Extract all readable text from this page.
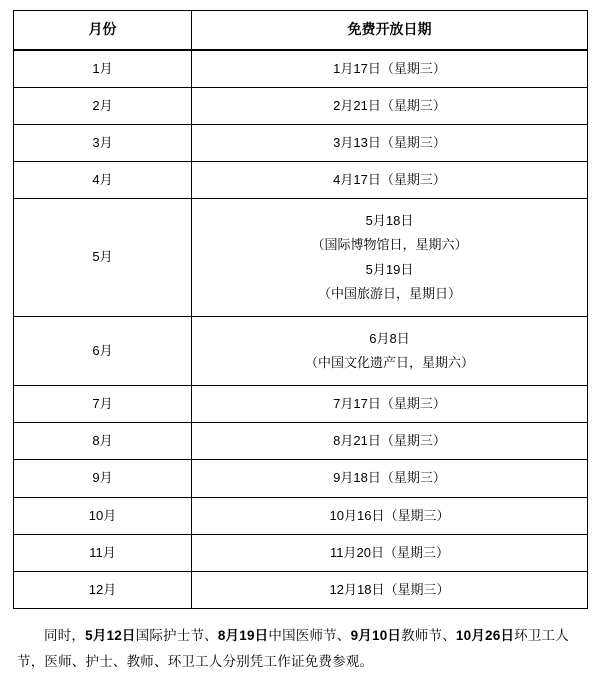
月份	免费开放日期
1月	1月17日（星期三）

2月	2月21日（星期三）

3月	3月13日（星期三）

4月	4月17日（星期三）

5月	5月18日
（国际博物馆日，星期六）
5月19日
（中国旅游日，星期日）

6月	6月8日
（中国文化遗产日，星期六）

7月	7月17日（星期三）

8月	8月21日（星期三）

9月	9月18日（星期三）

10月	10月16日（星期三）

11月	11月20日（星期三）

12月	12月18日（星期三）

同时，5月12日国际护士节、8月19日中国医师节、9月10日教师节、10月26日环卫工人节，医师、护士、教师、环卫工人分别凭工作证免费参观。
